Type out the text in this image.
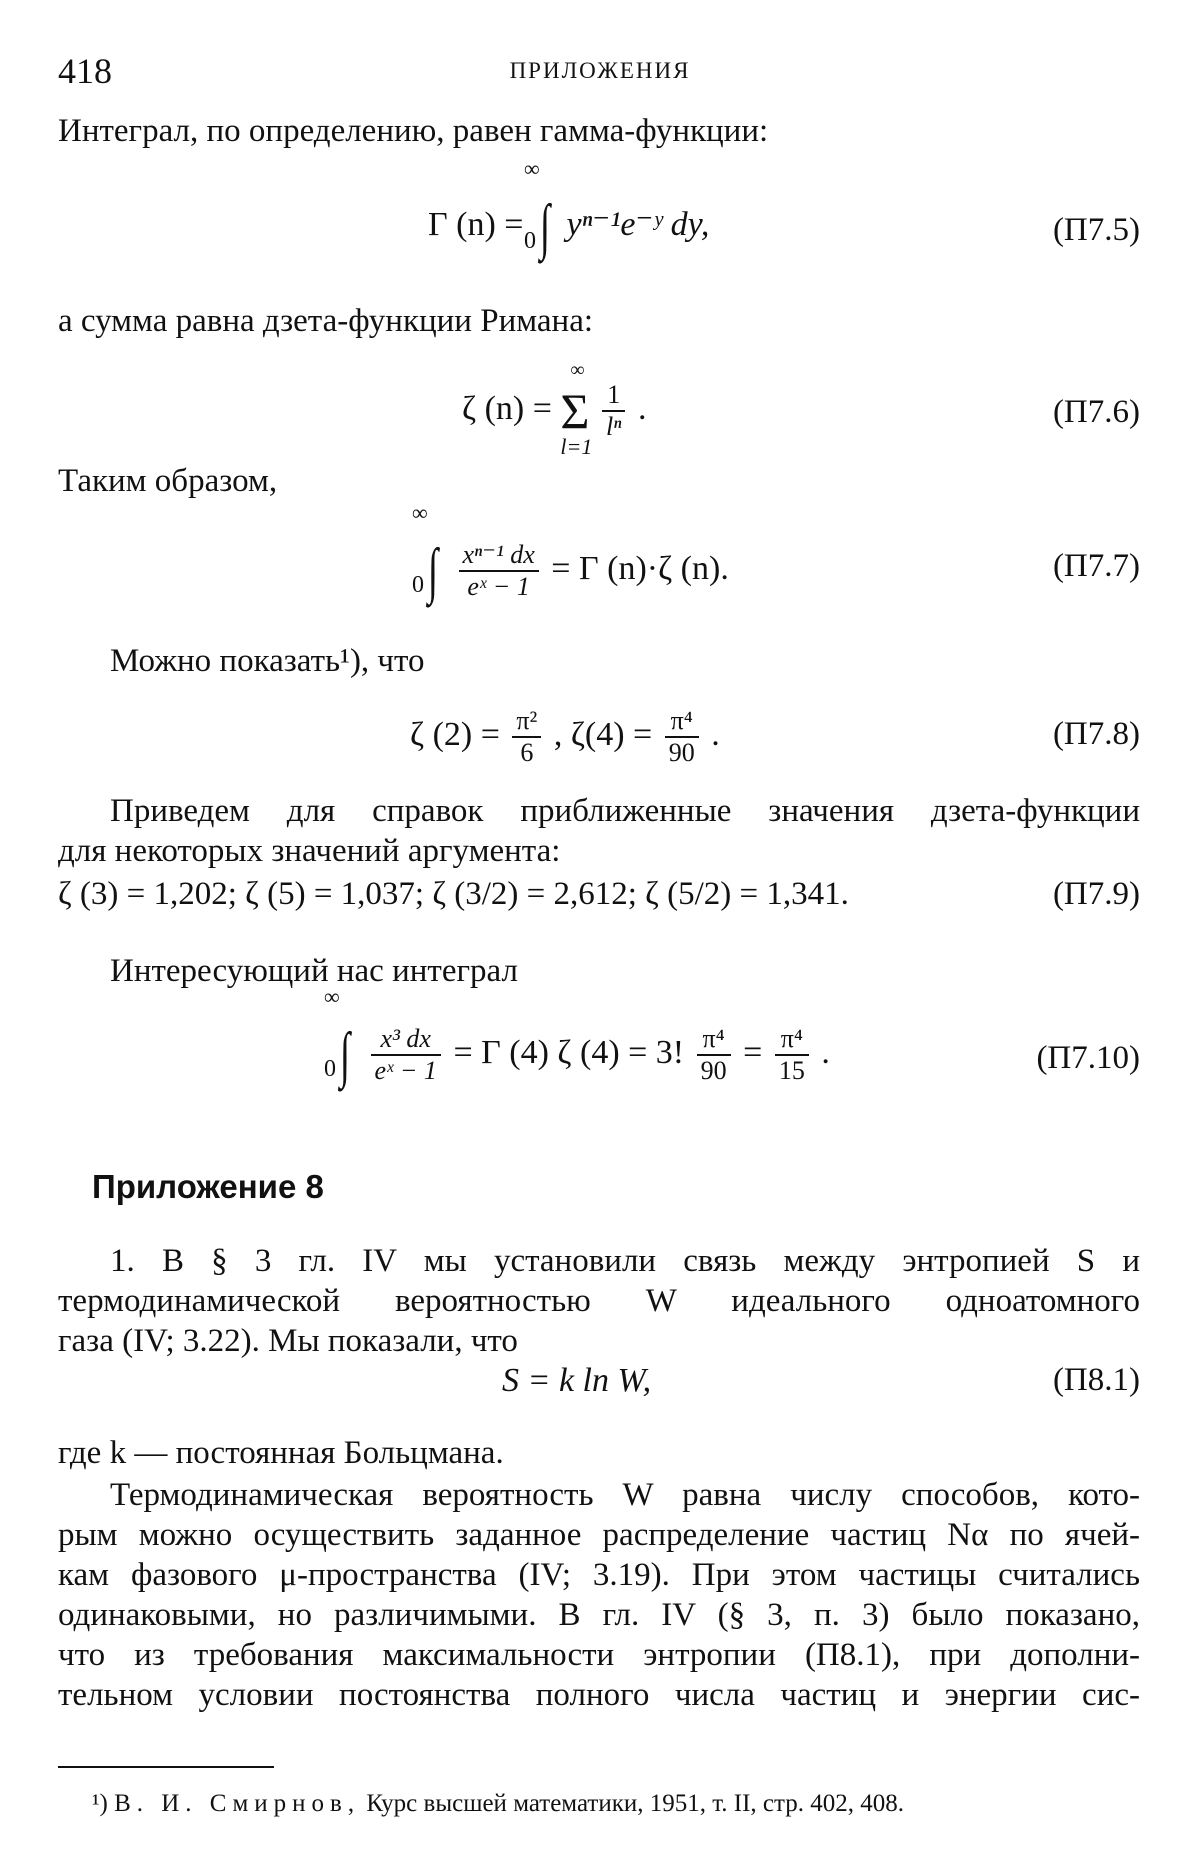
418	ПРИЛОЖЕНИЯ
Интеграл, по определению, равен гамма-функции:
Γ (n) =
∞
∫
0 yⁿ⁻¹e⁻ʸ dy,	(П7.5)
а сумма равна дзета-функции Римана:
ζ (n) =
∞
Σ
l=1

$\frac{1}{\text{lⁿ}}$ .	(П7.6)
Таким образом,
∞
∫
0
$\frac{\text{xⁿ⁻¹ dx}}{\text{eˣ − 1}} = \Gamma$ (n)·ζ (n).	(П7.7)
Можно показать¹), что
ζ $(2) = \frac{\text{π²}}{6}$ , $\zeta(4) = \frac{\text{π⁴}}{90}$ .	(П7.8)
Приведем для справок приближенные значения дзета-функции
для некоторых значений аргумента:
ζ (3) = 1,202; ζ (5) = 1,037; ζ (3/2) = 2,612; ζ (5/2) = 1,341.	(П7.9)
Интересующий нас интеграл
∞
∫
0
$\frac{\text{x³ dx}}{\text{eˣ − 1}} = \Gamma$ (4) ζ (4) = 3! $\frac{\text{π⁴}}{90} = \frac{\text{π⁴}}{15}$ .	(П7.10)
Приложение 8
1. В § 3 гл. IV мы установили связь между энтропией S и
термодинамической вероятностью W идеального одноатомного
газа (IV; 3.22). Мы показали, что
S = k ln W,	(П8.1)
где k — постоянная Больцмана.
Термодинамическая вероятность W равна числу способов, кото-
рым можно осуществить заданное распределение частиц Nα по ячей-
кам фазового μ-пространства (IV; 3.19). При этом частицы считались
одинаковыми, но различимыми. В гл. IV (§ 3, п. 3) было показано,
что из требования максимальности энтропии (П8.1), при дополни-
тельном условии постоянства полного числа частиц и энергии сис-
¹) В. И. Смирнов, Курс высшей математики, 1951, т. II, стр. 402, 408.
